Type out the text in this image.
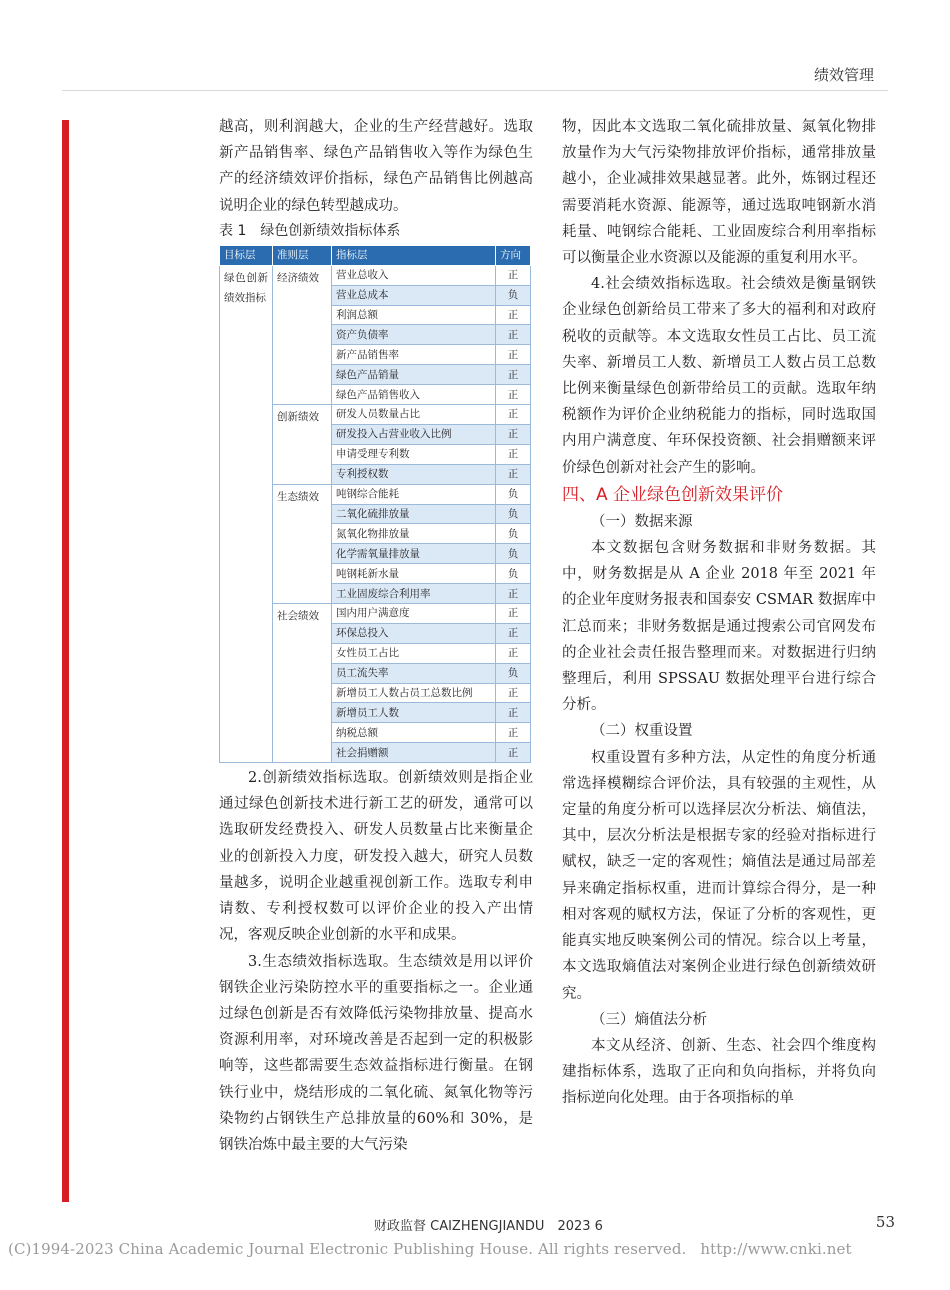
绩效管理

越高，则利润越大，企业的生产经营越好。选取新产品销售率、绿色产品销售收入等作为绿色生产的经济绩效评价指标，绿色产品销售比例越高说明企业的绿色转型越成功。

表 1　绿色创新绩效指标体系
目标层	准则层	指标层	方向
绿色创新绩效指标	经济绩效	营业总收入	正
		营业总成本	负
		利润总额	正
		资产负债率	正
		新产品销售率	正
		绿色产品销量	正
		绿色产品销售收入	正
	创新绩效	研发人员数量占比	正
		研发投入占营业收入比例	正
		申请受理专利数	正
		专利授权数	正
	生态绩效	吨钢综合能耗	负
		二氧化硫排放量	负
		氮氧化物排放量	负
		化学需氧量排放量	负
		吨钢耗新水量	负
		工业固废综合利用率	正
	社会绩效	国内用户满意度	正
		环保总投入	正
		女性员工占比	正
		员工流失率	负
		新增员工人数占员工总数比例	正
		新增员工人数	正
		纳税总额	正
		社会捐赠额	正

2.创新绩效指标选取。创新绩效则是指企业通过绿色创新技术进行新工艺的研发，通常可以选取研发经费投入、研发人员数量占比来衡量企业的创新投入力度，研发投入越大，研究人员数量越多，说明企业越重视创新工作。选取专利申请数、专利授权数可以评价企业的投入产出情况，客观反映企业创新的水平和成果。

3.生态绩效指标选取。生态绩效是用以评价钢铁企业污染防控水平的重要指标之一。企业通过绿色创新是否有效降低污染物排放量、提高水资源利用率，对环境改善是否起到一定的积极影响等，这些都需要生态效益指标进行衡量。在钢铁行业中，烧结形成的二氧化硫、氮氧化物等污染物约占钢铁生产总排放量的60%和 30%，是钢铁冶炼中最主要的大气污染

物，因此本文选取二氧化硫排放量、氮氧化物排放量作为大气污染物排放评价指标，通常排放量越小，企业减排效果越显著。此外，炼钢过程还需要消耗水资源、能源等，通过选取吨钢新水消耗量、吨钢综合能耗、工业固废综合利用率指标可以衡量企业水资源以及能源的重复利用水平。

4.社会绩效指标选取。社会绩效是衡量钢铁企业绿色创新给员工带来了多大的福利和对政府税收的贡献等。本文选取女性员工占比、员工流失率、新增员工人数、新增员工人数占员工总数比例来衡量绿色创新带给员工的贡献。选取年纳税额作为评价企业纳税能力的指标，同时选取国内用户满意度、年环保投资额、社会捐赠额来评价绿色创新对社会产生的影响。

四、A 企业绿色创新效果评价

（一）数据来源

本文数据包含财务数据和非财务数据。其中，财务数据是从 A 企业 2018 年至 2021 年的企业年度财务报表和国泰安 CSMAR 数据库中汇总而来；非财务数据是通过搜索公司官网发布的企业社会责任报告整理而来。对数据进行归纳整理后，利用 SPSSAU 数据处理平台进行综合分析。

（二）权重设置

权重设置有多种方法，从定性的角度分析通常选择模糊综合评价法，具有较强的主观性，从定量的角度分析可以选择层次分析法、熵值法，其中，层次分析法是根据专家的经验对指标进行赋权，缺乏一定的客观性；熵值法是通过局部差异来确定指标权重，进而计算综合得分，是一种相对客观的赋权方法，保证了分析的客观性，更能真实地反映案例公司的情况。综合以上考量，本文选取熵值法对案例企业进行绿色创新绩效研究。

（三）熵值法分析

本文从经济、创新、生态、社会四个维度构建指标体系，选取了正向和负向指标，并将负向指标逆向化处理。由于各项指标的单

财政监督 CAIZHENGJIANDU　2023 6	53
(C)1994-2023 China Academic Journal Electronic Publishing House. All rights reserved. http://www.cnki.net
